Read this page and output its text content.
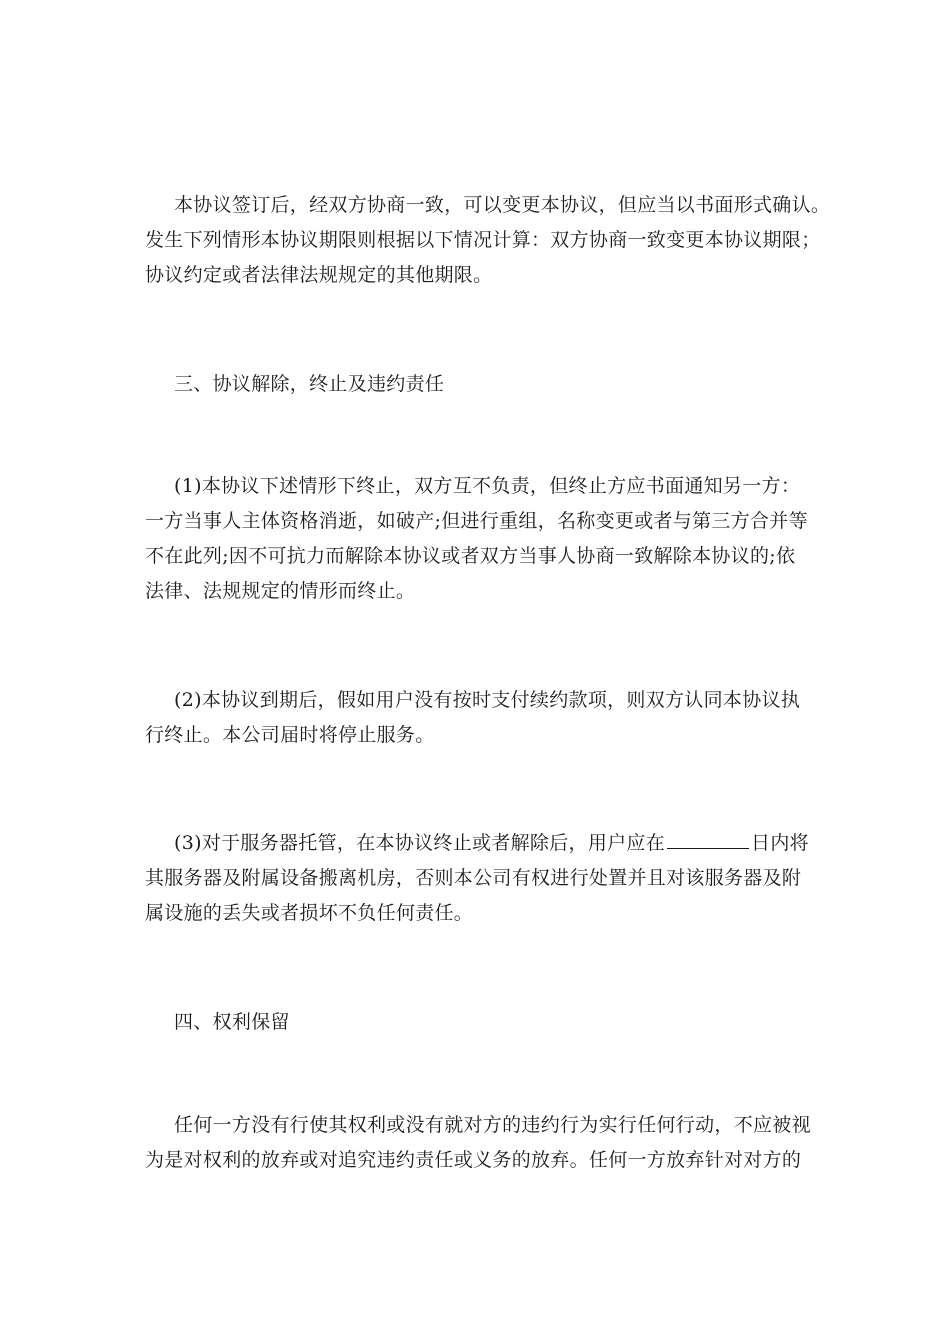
本协议签订后，经双方协商一致，可以变更本协议，但应当以书面形式确认。
发生下列情形本协议期限则根据以下情况计算：双方协商一致变更本协议期限；
协议约定或者法律法规规定的其他期限。
三、协议解除，终止及违约责任
(1)本协议下述情形下终止，双方互不负责，但终止方应书面通知另一方：
一方当事人主体资格消逝，如破产;但进行重组，名称变更或者与第三方合并等
不在此列;因不可抗力而解除本协议或者双方当事人协商一致解除本协议的;依
法律、法规规定的情形而终止。
(2)本协议到期后，假如用户没有按时支付续约款项，则双方认同本协议执
行终止。本公司届时将停止服务。
(3)对于服务器托管，在本协议终止或者解除后，用户应在	日内将
其服务器及附属设备搬离机房，否则本公司有权进行处置并且对该服务器及附
属设施的丢失或者损坏不负任何责任。
四、权利保留
任何一方没有行使其权利或没有就对方的违约行为实行任何行动，不应被视
为是对权利的放弃或对追究违约责任或义务的放弃。任何一方放弃针对对方的
